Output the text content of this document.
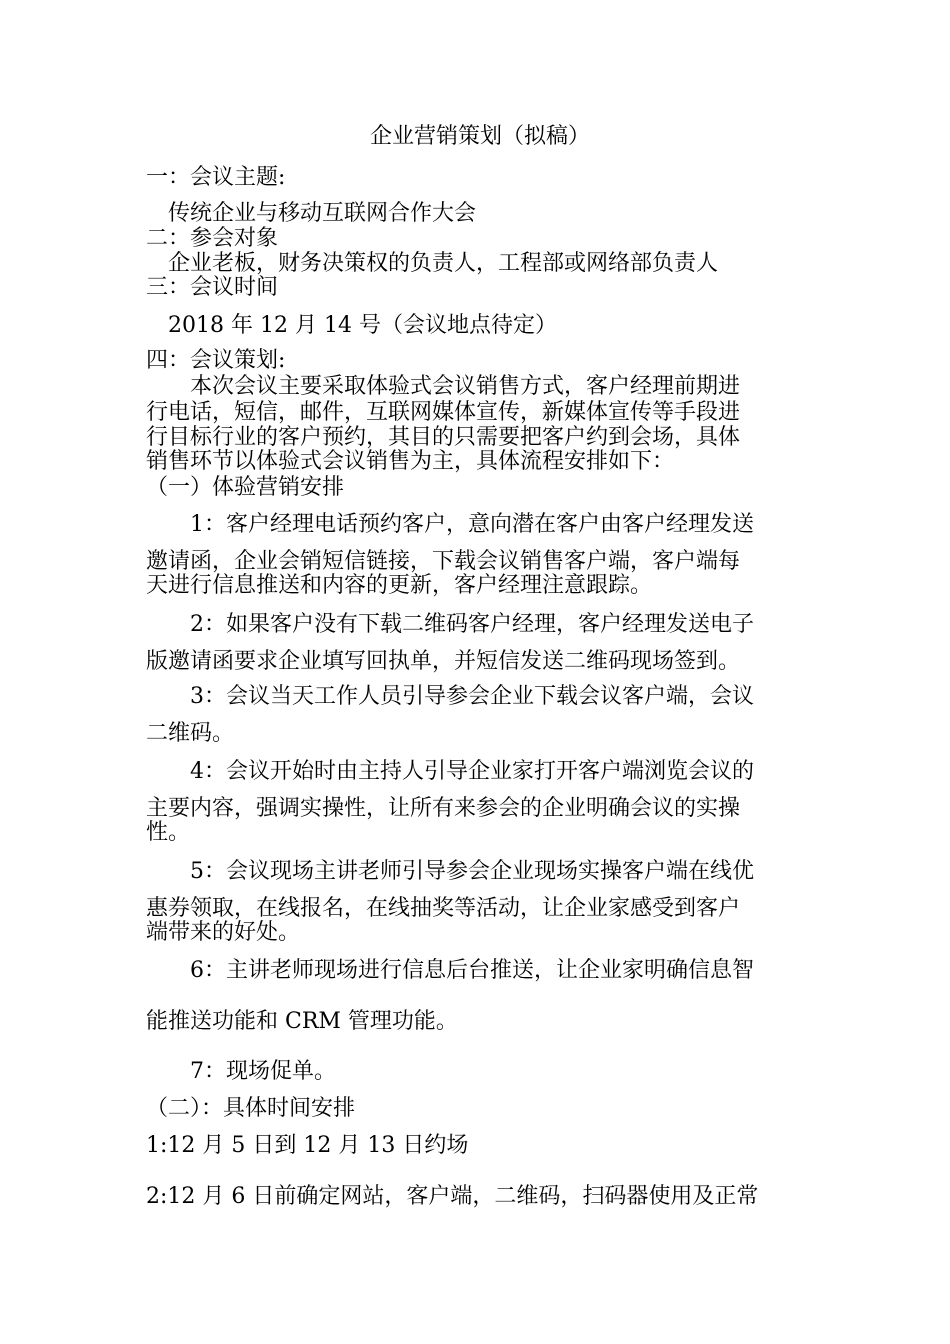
企业营销策划（拟稿）
一：会议主题:
传统企业与移动互联网合作大会
二：参会对象
企业老板，财务决策权的负责人，工程部或网络部负责人
三：会议时间
2018 年 12 月 14 号（会议地点待定）
四：会议策划:
本次会议主要采取体验式会议销售方式，客户经理前期进
行电话，短信，邮件，互联网媒体宣传，新媒体宣传等手段进
行目标行业的客户预约，其目的只需要把客户约到会场，具体
销售环节以体验式会议销售为主，具体流程安排如下：
（一）体验营销安排
1：客户经理电话预约客户，意向潜在客户由客户经理发送
邀请函，企业会销短信链接，下载会议销售客户端，客户端每
天进行信息推送和内容的更新，客户经理注意跟踪。
2：如果客户没有下载二维码客户经理，客户经理发送电子
版邀请函要求企业填写回执单，并短信发送二维码现场签到。
3：会议当天工作人员引导参会企业下载会议客户端，会议
二维码。
4：会议开始时由主持人引导企业家打开客户端浏览会议的
主要内容，强调实操性，让所有来参会的企业明确会议的实操
性。
5：会议现场主讲老师引导参会企业现场实操客户端在线优
惠券领取，在线报名，在线抽奖等活动，让企业家感受到客户
端带来的好处。
6：主讲老师现场进行信息后台推送，让企业家明确信息智
能推送功能和 CRM 管理功能。
7：现场促单。
（二）：具体时间安排
1:12 月 5 日到 12 月 13 日约场
2:12 月 6 日前确定网站，客户端，二维码，扫码器使用及正常
